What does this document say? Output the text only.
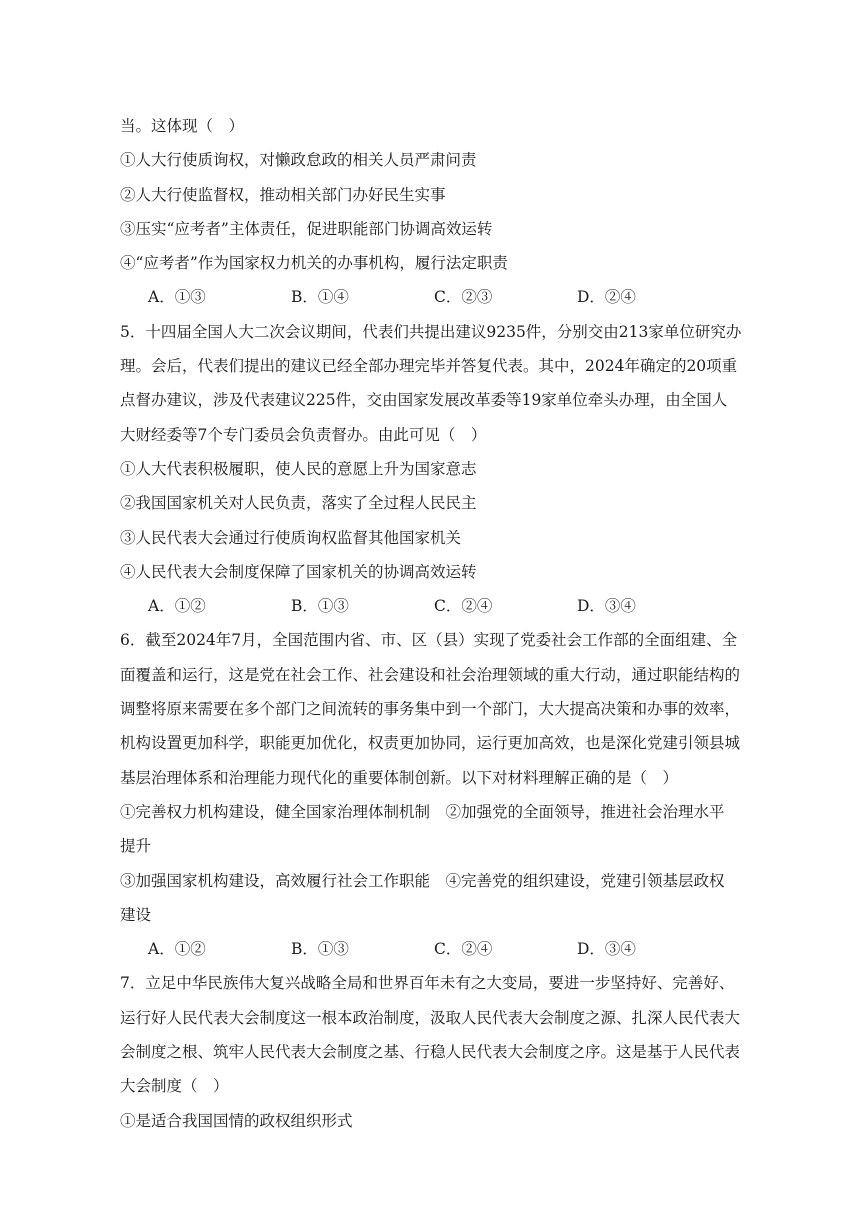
当。这体现（　）
①人大行使质询权，对懒政怠政的相关人员严肃问责
②人大行使监督权，推动相关部门办好民生实事
③压实“应考者”主体责任，促进职能部门协调高效运转
④“应考者”作为国家权力机关的办事机构，履行法定职责
A．①③	B．①④	C．②③	D．②④
5．十四届全国人大二次会议期间，代表们共提出建议9235件，分别交由213家单位研究办
理。会后，代表们提出的建议已经全部办理完毕并答复代表。其中，2024年确定的20项重
点督办建议，涉及代表建议225件，交由国家发展改革委等19家单位牵头办理，由全国人
大财经委等7个专门委员会负责督办。由此可见（　）
①人大代表积极履职，使人民的意愿上升为国家意志
②我国国家机关对人民负责，落实了全过程人民民主
③人民代表大会通过行使质询权监督其他国家机关
④人民代表大会制度保障了国家机关的协调高效运转
A．①②	B．①③	C．②④	D．③④
6．截至2024年7月，全国范围内省、市、区（县）实现了党委社会工作部的全面组建、全
面覆盖和运行，这是党在社会工作、社会建设和社会治理领域的重大行动，通过职能结构的
调整将原来需要在多个部门之间流转的事务集中到一个部门，大大提高决策和办事的效率，
机构设置更加科学，职能更加优化，权责更加协同，运行更加高效，也是深化党建引领县城
基层治理体系和治理能力现代化的重要体制创新。以下对材料理解正确的是（　）
①完善权力机构建设，健全国家治理体制机制　②加强党的全面领导，推进社会治理水平
提升
③加强国家机构建设，高效履行社会工作职能　④完善党的组织建设，党建引领基层政权
建设
A．①②	B．①③	C．②④	D．③④
7．立足中华民族伟大复兴战略全局和世界百年未有之大变局，要进一步坚持好、完善好、
运行好人民代表大会制度这一根本政治制度，汲取人民代表大会制度之源、扎深人民代表大
会制度之根、筑牢人民代表大会制度之基、行稳人民代表大会制度之序。这是基于人民代表
大会制度（　）
①是适合我国国情的政权组织形式
